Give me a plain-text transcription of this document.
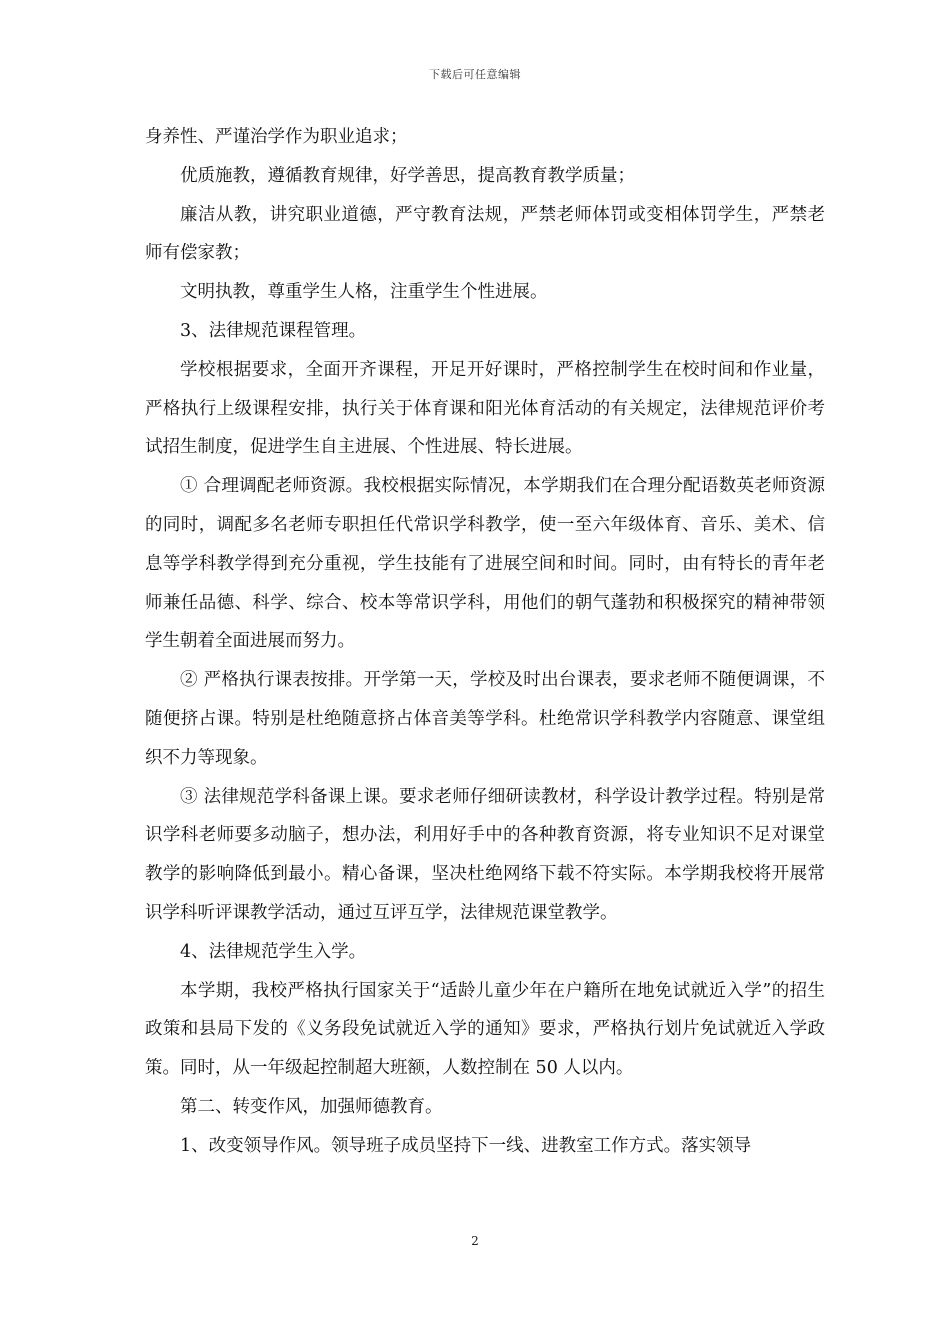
下载后可任意编辑

身养性、严谨治学作为职业追求；

优质施教，遵循教育规律，好学善思，提高教育教学质量；

廉洁从教，讲究职业道德，严守教育法规，严禁老师体罚或变相体罚学生，严禁老师有偿家教；

文明执教，尊重学生人格，注重学生个性进展。

3、法律规范课程管理。

学校根据要求，全面开齐课程，开足开好课时，严格控制学生在校时间和作业量，严格执行上级课程安排，执行关于体育课和阳光体育活动的有关规定，法律规范评价考试招生制度，促进学生自主进展、个性进展、特长进展。

① 合理调配老师资源。我校根据实际情况，本学期我们在合理分配语数英老师资源的同时，调配多名老师专职担任代常识学科教学，使一至六年级体育、音乐、美术、信息等学科教学得到充分重视，学生技能有了进展空间和时间。同时，由有特长的青年老师兼任品德、科学、综合、校本等常识学科，用他们的朝气蓬勃和积极探究的精神带领学生朝着全面进展而努力。

② 严格执行课表按排。开学第一天，学校及时出台课表，要求老师不随便调课，不随便挤占课。特别是杜绝随意挤占体音美等学科。杜绝常识学科教学内容随意、课堂组织不力等现象。

③ 法律规范学科备课上课。要求老师仔细研读教材，科学设计教学过程。特别是常识学科老师要多动脑子，想办法，利用好手中的各种教育资源，将专业知识不足对课堂教学的影响降低到最小。精心备课，坚决杜绝网络下载不符实际。本学期我校将开展常识学科听评课教学活动，通过互评互学，法律规范课堂教学。

4、法律规范学生入学。

本学期，我校严格执行国家关于“适龄儿童少年在户籍所在地免试就近入学”的招生政策和县局下发的《义务段免试就近入学的通知》要求，严格执行划片免试就近入学政策。同时，从一年级起控制超大班额，人数控制在 50 人以内。

第二、转变作风，加强师德教育。

1、改变领导作风。领导班子成员坚持下一线、进教室工作方式。落实领导

2
